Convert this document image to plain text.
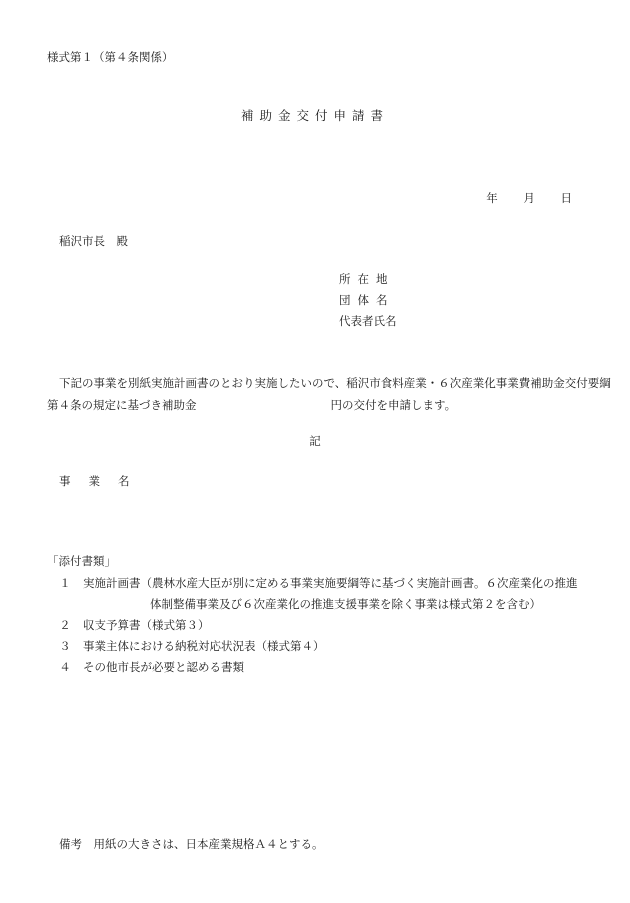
様式第１（第４条関係）
補助金交付申請書
年 月 日
稲沢市長　殿
所在地
団体名
代表者氏名
下記の事業を別紙実施計画書のとおり実施したいので、稲沢市食料産業・６次産業化事業費補助金交付要綱第４条の規定に基づき補助金	円の交付を申請します。
記
事業名
「添付書類」
１ 実施計画書（農林水産大臣が別に定める事業実施要綱等に基づく実施計画書。６次産業化の推進
体制整備事業及び６次産業化の推進支援事業を除く事業は様式第２を含む）
２ 収支予算書（様式第３）
３ 事業主体における納税対応状況表（様式第４）
４ その他市長が必要と認める書類
備考　用紙の大きさは、日本産業規格Ａ４とする。
